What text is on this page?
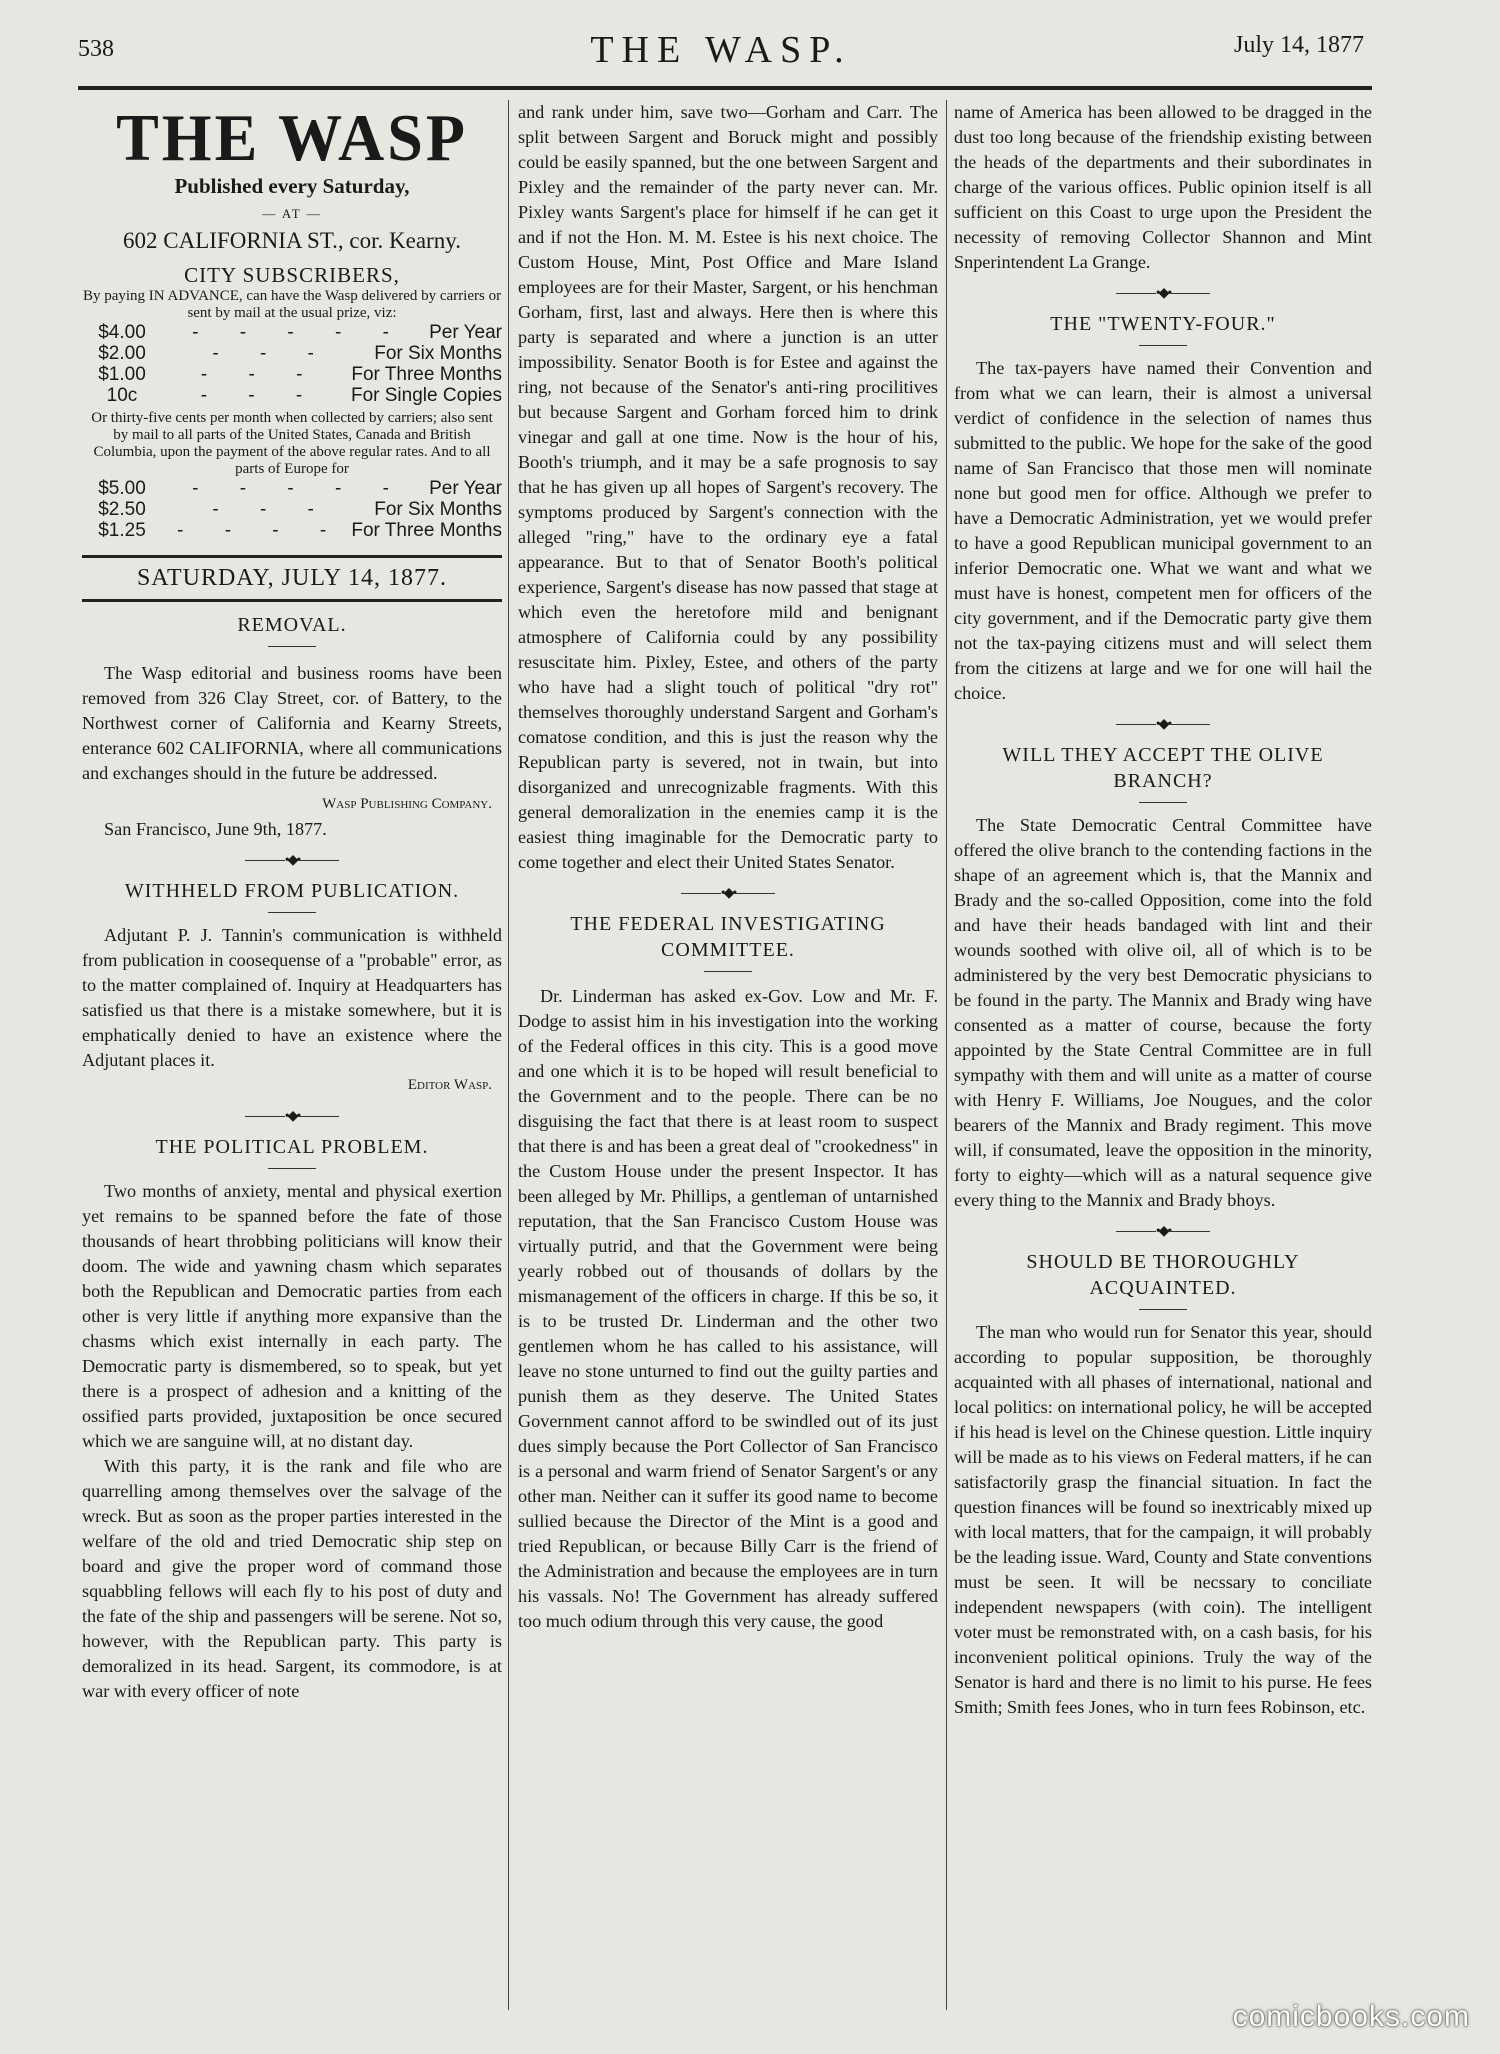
538	THE WASP.	July 14, 1877
THE WASP
Published every Saturday,
— AT —
602 CALIFORNIA ST., cor. Kearny.
CITY SUBSCRIBERS,
By paying IN ADVANCE, can have the Wasp delivered by carriers or sent by mail at the usual prize, viz:
$4.00	- - - - -	Per Year
$2.00	- - -	For Six Months
$1.00	- - -	For Three Months
10c	- - -	For Single Copies
Or thirty-five cents per month when collected by carriers; also sent by mail to all parts of the United States, Canada and British Columbia, upon the payment of the above regular rates. And to all parts of Europe for
$5.00	- - - - -	Per Year
$2.50	- - -	For Six Months
$1.25	- - - - For Three Months
SATURDAY, JULY 14, 1877.
REMOVAL.

The Wasp editorial and business rooms have been removed from 326 Clay Street, cor. of Battery, to the Northwest corner of California and Kearny Streets, enterance 602 CALIFORNIA, where all communications and exchanges should in the future be addressed.

Wasp Publishing Company.

San Francisco, June 9th, 1877.

•◆•
WITHHELD FROM PUBLICATION.

Adjutant P. J. Tannin's communication is withheld from publication in coosequense of a "probable" error, as to the matter complained of. Inquiry at Headquarters has satisfied us that there is a mistake somewhere, but it is emphatically denied to have an existence where the Adjutant places it.

Editor Wasp.
•◆•
THE POLITICAL PROBLEM.

Two months of anxiety, mental and physical exertion yet remains to be spanned before the fate of those thousands of heart throbbing politicians will know their doom. The wide and yawning chasm which separates both the Republican and Democratic parties from each other is very little if anything more expansive than the chasms which exist internally in each party. The Democratic party is dismembered, so to speak, but yet there is a prospect of adhesion and a knitting of the ossified parts provided, juxtaposition be once secured which we are sanguine will, at no distant day.

With this party, it is the rank and file who are quarrelling among themselves over the salvage of the wreck. But as soon as the proper parties interested in the welfare of the old and tried Democratic ship step on board and give the proper word of command those squabbling fellows will each fly to his post of duty and the fate of the ship and passengers will be serene. Not so, however, with the Republican party. This party is demoralized in its head. Sargent, its commodore, is at war with every officer of note

and rank under him, save two—Gorham and Carr. The split between Sargent and Boruck might and possibly could be easily spanned, but the one between Sargent and Pixley and the remainder of the party never can. Mr. Pixley wants Sargent's place for himself if he can get it and if not the Hon. M. M. Estee is his next choice. The Custom House, Mint, Post Office and Mare Island employees are for their Master, Sargent, or his henchman Gorham, first, last and always. Here then is where this party is separated and where a junction is an utter impossibility. Senator Booth is for Estee and against the ring, not because of the Senator's anti-ring procilitives but because Sargent and Gorham forced him to drink vinegar and gall at one time. Now is the hour of his, Booth's triumph, and it may be a safe prognosis to say that he has given up all hopes of Sargent's recovery. The symptoms produced by Sargent's connection with the alleged "ring," have to the ordinary eye a fatal appearance. But to that of Senator Booth's political experience, Sargent's disease has now passed that stage at which even the heretofore mild and benignant atmosphere of California could by any possibility resuscitate him. Pixley, Estee, and others of the party who have had a slight touch of political "dry rot" themselves thoroughly understand Sargent and Gorham's comatose condition, and this is just the reason why the Republican party is severed, not in twain, but into disorganized and unrecognizable fragments. With this general demoralization in the enemies camp it is the easiest thing imaginable for the Democratic party to come together and elect their United States Senator.

•◆•
THE FEDERAL INVESTIGATING COMMITTEE.

Dr. Linderman has asked ex-Gov. Low and Mr. F. Dodge to assist him in his investigation into the working of the Federal offices in this city. This is a good move and one which it is to be hoped will result beneficial to the Government and to the people. There can be no disguising the fact that there is at least room to suspect that there is and has been a great deal of "crookedness" in the Custom House under the present Inspector. It has been alleged by Mr. Phillips, a gentleman of untarnished reputation, that the San Francisco Custom House was virtually putrid, and that the Government were being yearly robbed out of thousands of dollars by the mismanagement of the officers in charge. If this be so, it is to be trusted Dr. Linderman and the other two gentlemen whom he has called to his assistance, will leave no stone unturned to find out the guilty parties and punish them as they deserve. The United States Government cannot afford to be swindled out of its just dues simply because the Port Collector of San Francisco is a personal and warm friend of Senator Sargent's or any other man. Neither can it suffer its good name to become sullied because the Director of the Mint is a good and tried Republican, or because Billy Carr is the friend of the Administration and because the employees are in turn his vassals. No! The Government has already suffered too much odium through this very cause, the good

name of America has been allowed to be dragged in the dust too long because of the friendship existing between the heads of the departments and their subordinates in charge of the various offices. Public opinion itself is all sufficient on this Coast to urge upon the President the necessity of removing Collector Shannon and Mint Snperintendent La Grange.

•◆•
THE "TWENTY-FOUR."

The tax-payers have named their Convention and from what we can learn, their is almost a universal verdict of confidence in the selection of names thus submitted to the public. We hope for the sake of the good name of San Francisco that those men will nominate none but good men for office. Although we prefer to have a Democratic Administration, yet we would prefer to have a good Republican municipal government to an inferior Democratic one. What we want and what we must have is honest, competent men for officers of the city government, and if the Democratic party give them not the tax-paying citizens must and will select them from the citizens at large and we for one will hail the choice.

•◆•
WILL THEY ACCEPT THE OLIVE BRANCH?

The State Democratic Central Committee have offered the olive branch to the contending factions in the shape of an agreement which is, that the Mannix and Brady and the so-called Opposition, come into the fold and have their heads bandaged with lint and their wounds soothed with olive oil, all of which is to be administered by the very best Democratic physicians to be found in the party. The Mannix and Brady wing have consented as a matter of course, because the forty appointed by the State Central Committee are in full sympathy with them and will unite as a matter of course with Henry F. Williams, Joe Nougues, and the color bearers of the Mannix and Brady regiment. This move will, if consumated, leave the opposition in the minority, forty to eighty—which will as a natural sequence give every thing to the Mannix and Brady bhoys.

•◆•
SHOULD BE THOROUGHLY ACQUAINTED.

The man who would run for Senator this year, should according to popular supposition, be thoroughly acquainted with all phases of international, national and local politics: on international policy, he will be accepted if his head is level on the Chinese question. Little inquiry will be made as to his views on Federal matters, if he can satisfactorily grasp the financial situation. In fact the question finances will be found so inextricably mixed up with local matters, that for the campaign, it will probably be the leading issue. Ward, County and State conventions must be seen. It will be necssary to conciliate independent newspapers (with coin). The intelligent voter must be remonstrated with, on a cash basis, for his inconvenient political opinions. Truly the way of the Senator is hard and there is no limit to his purse. He fees Smith; Smith fees Jones, who in turn fees Robinson, etc.

comicbooks.com
